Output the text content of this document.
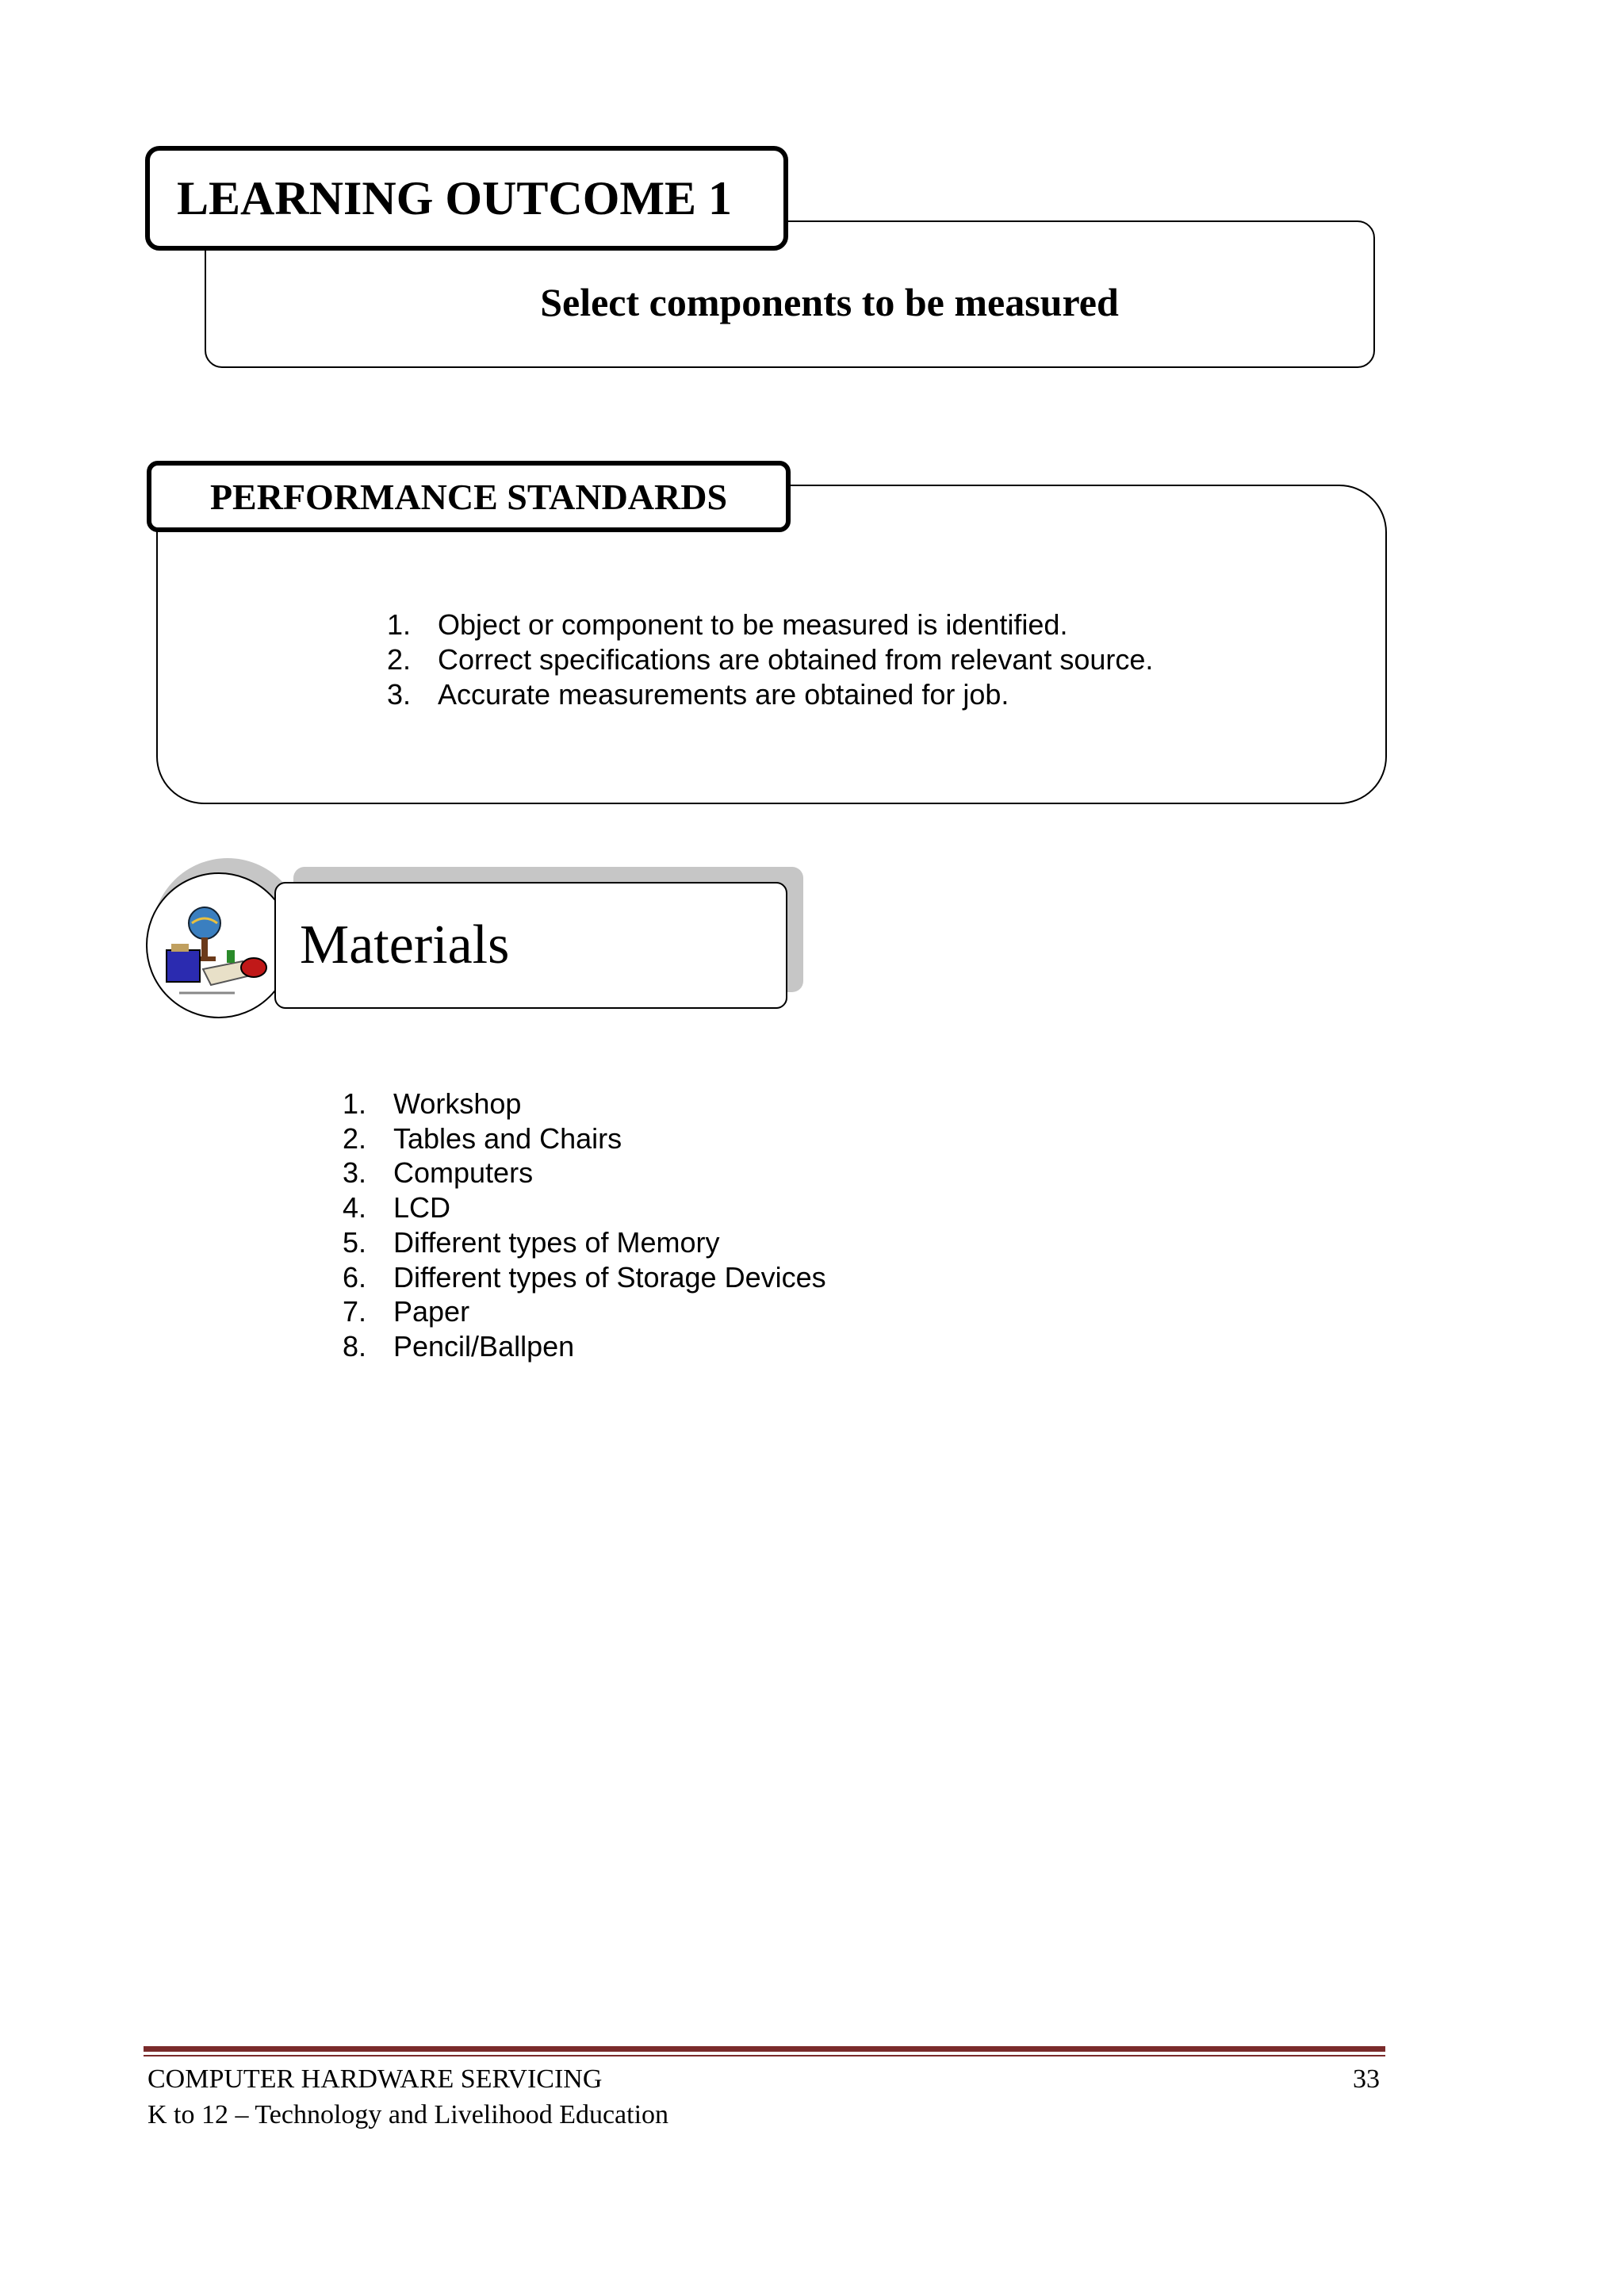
Select components to be measured
LEARNING OUTCOME 1
PERFORMANCE STANDARDS
1. Object or component to be measured is identified.
2. Correct specifications are obtained from relevant source.
3. Accurate measurements are obtained for job.
Materials
1. Workshop
2. Tables and Chairs
3. Computers
4. LCD
5. Different types of Memory
6. Different types of Storage Devices
7. Paper
8. Pencil/Ballpen
COMPUTER HARDWARE SERVICING
K to 12 – Technology and Livelihood Education
33
